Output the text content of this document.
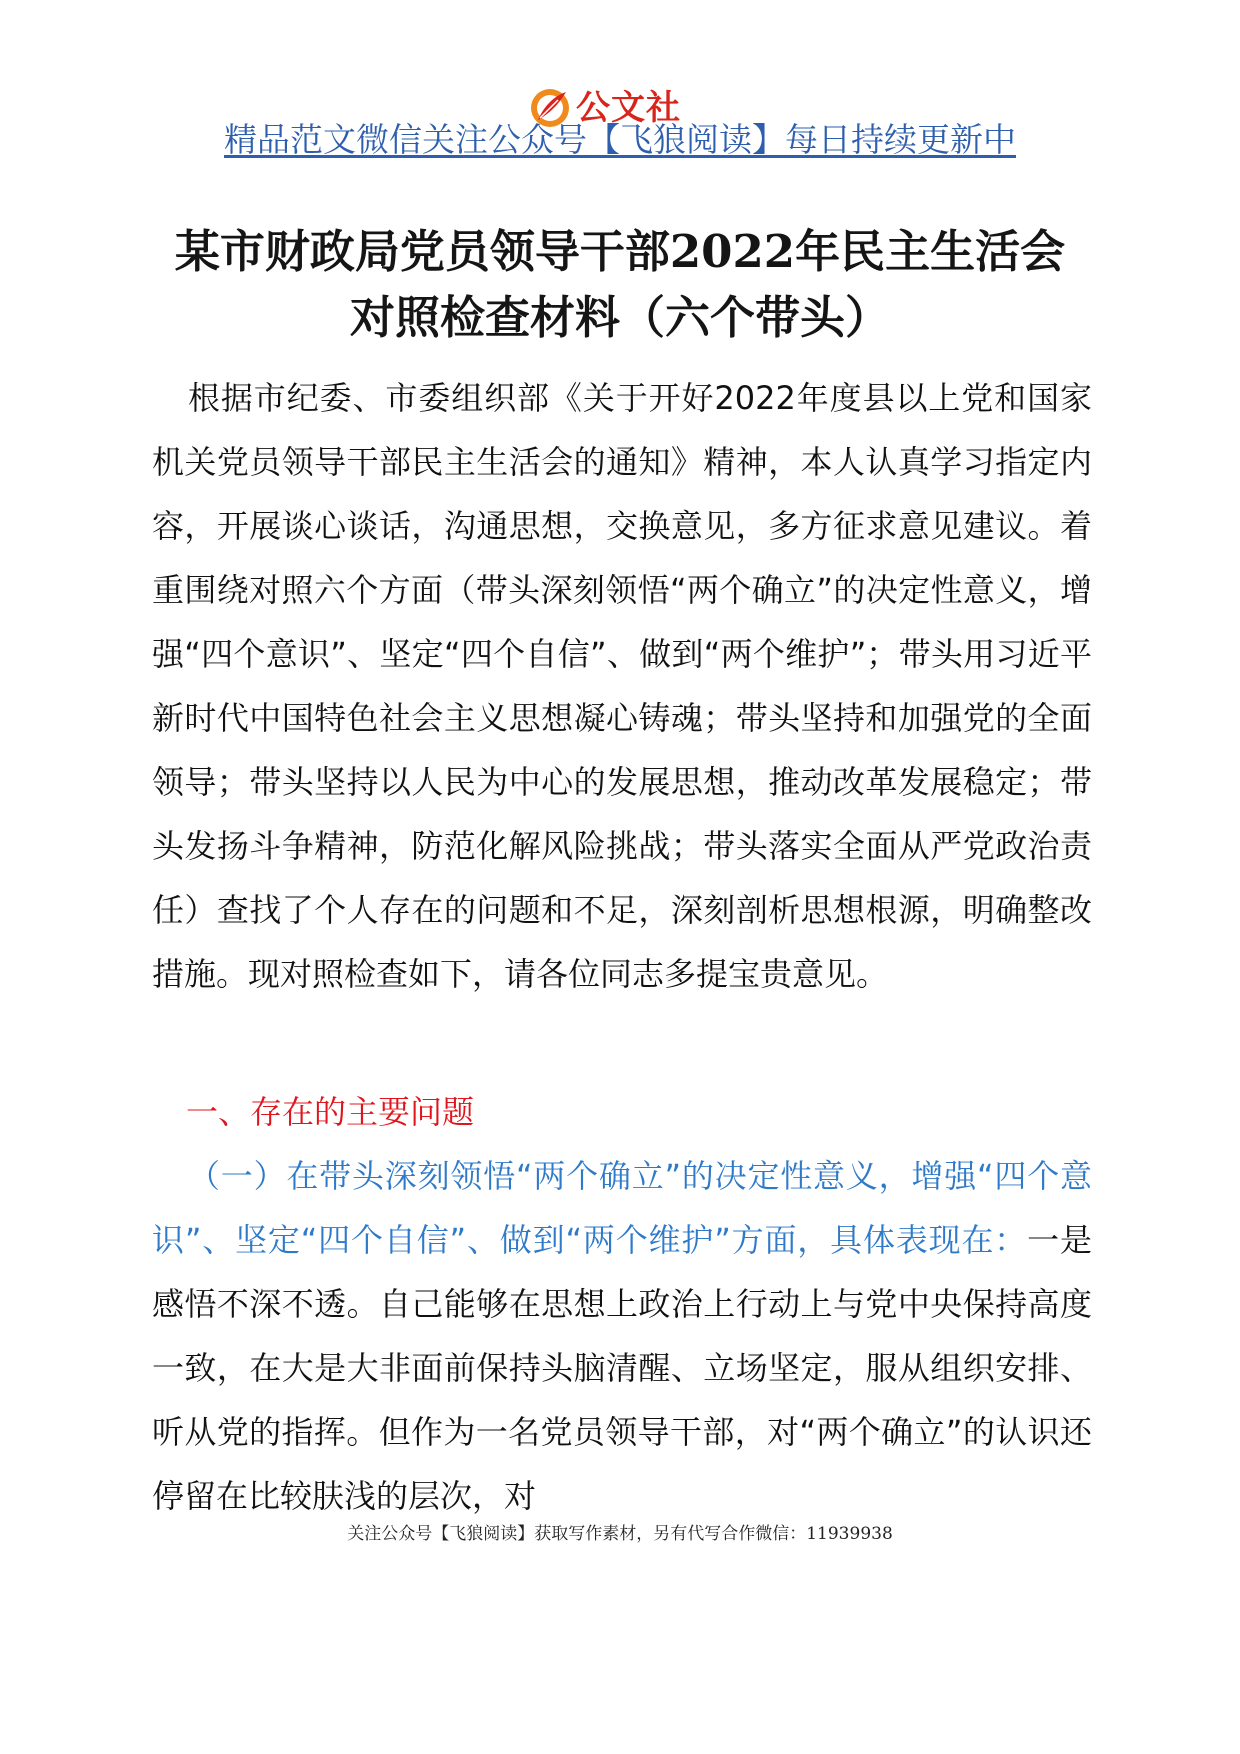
公文社
精品范文微信关注公众号【飞狼阅读】每日持续更新中
某市财政局党员领导干部2022年民主生活会
对照检查材料（六个带头）
根据市纪委、市委组织部《关于开好2022年度县以上党和国家机关党员领导干部民主生活会的通知》精神，本人认真学习指定内容，开展谈心谈话，沟通思想，交换意见，多方征求意见建议。着重围绕对照六个方面（带头深刻领悟“两个确立”的决定性意义，增强“四个意识”、坚定“四个自信”、做到“两个维护”；带头用习近平新时代中国特色社会主义思想凝心铸魂；带头坚持和加强党的全面领导；带头坚持以人民为中心的发展思想，推动改革发展稳定；带头发扬斗争精神，防范化解风险挑战；带头落实全面从严党政治责任）查找了个人存在的问题和不足，深刻剖析思想根源，明确整改措施。现对照检查如下，请各位同志多提宝贵意见。
一、存在的主要问题
（一）在带头深刻领悟“两个确立”的决定性意义，增强“四个意识”、坚定“四个自信”、做到“两个维护”方面，具体表现在：一是感悟不深不透。自己能够在思想上政治上行动上与党中央保持高度一致，在大是大非面前保持头脑清醒、立场坚定，服从组织安排、听从党的指挥。但作为一名党员领导干部，对“两个确立”的认识还停留在比较肤浅的层次，对
关注公众号【飞狼阅读】获取写作素材，另有代写合作微信：11939938
